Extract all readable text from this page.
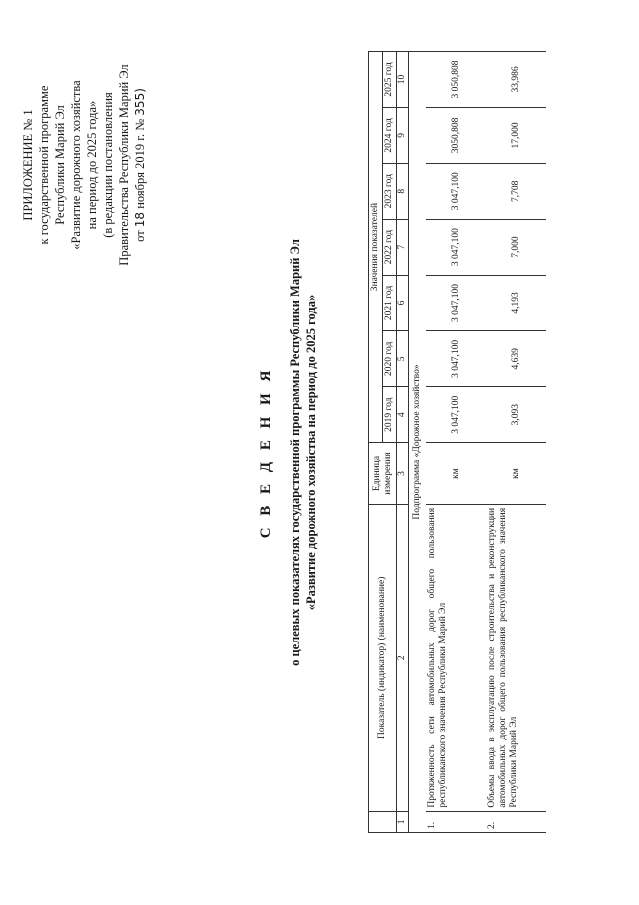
ПРИЛОЖЕНИЕ № 1 к государственной программе Республики Марий Эл «Развитие дорожного хозяйства на период до 2025 года» (в редакции постановления Правительства Республики Марий Эл от 18 ноября 2019 г. № 355)
С В Е Д Е Н И Я о целевых показателях государственной программы Республики Марий Эл «Развитие дорожного хозяйства на период до 2025 года»
	Показатель (индикатор) (наименование)	Единица измерения	Значения показателей						
			2019 год	2020 год	2021 год	2022 год	2023 год	2024 год	2025 год
1	2	3	4	5	6	7	8	9	10
Подпрограмма «Дорожное хозяйство»									
1.	Протяженность сети автомобильных дорог общего пользования республиканского значения Республики Марий Эл	км	3 047,100	3 047,100	3 047,100	3 047,100	3 047,100	3050,808	3 050,808
2.	Объемы ввода в эксплуатацию после строительства и реконструкции автомобильных дорог общего пользования республиканского значения Республики Марий Эл	км	3,093	4,639	4,193	7,000	7,708	17,000	33,986
